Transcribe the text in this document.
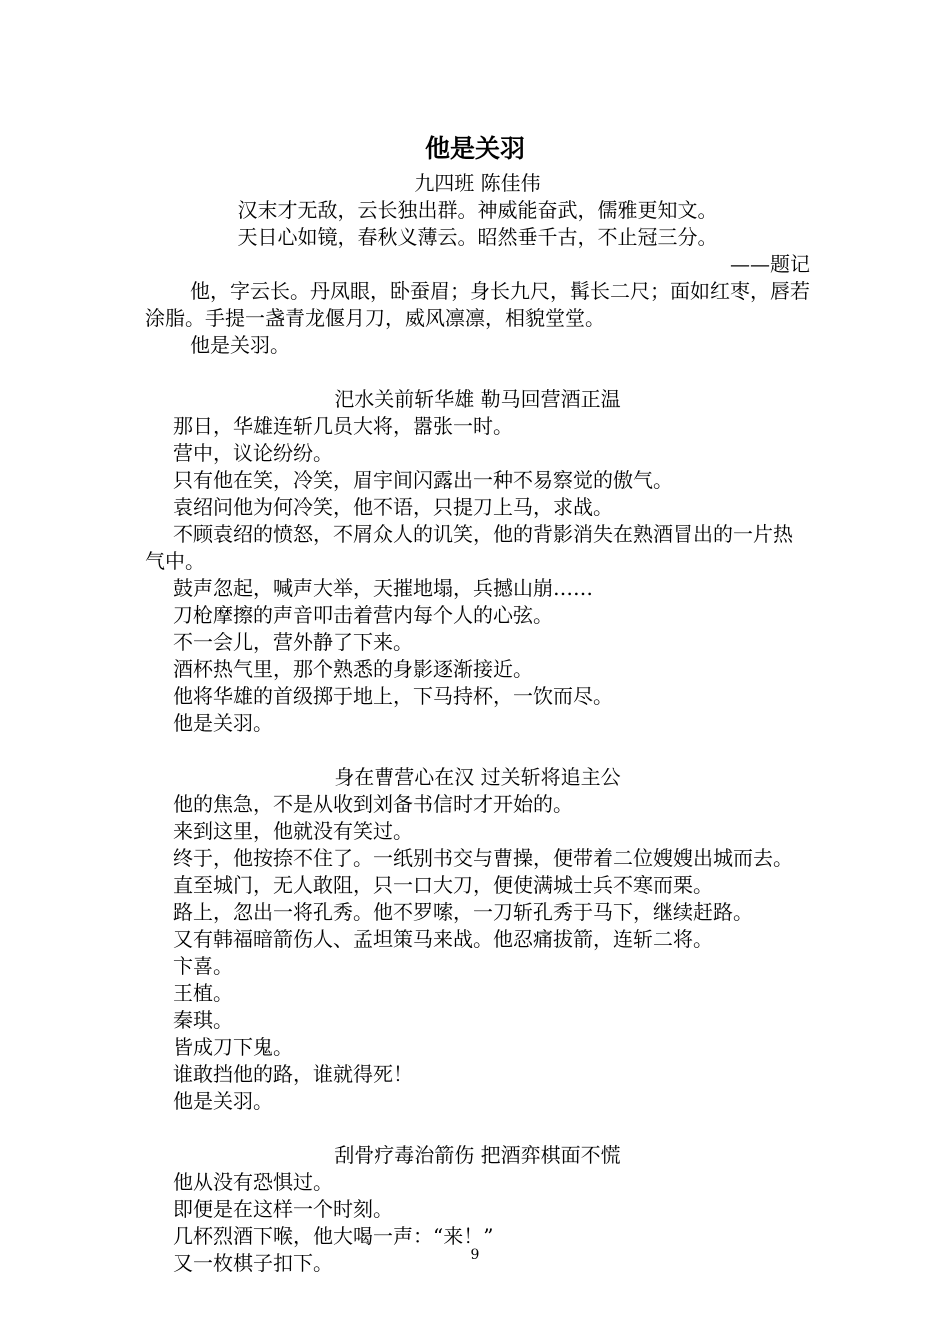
他是关羽

九四班 陈佳伟

汉末才无敌，云长独出群。神威能奋武，儒雅更知文。

天日心如镜，春秋义薄云。昭然垂千古，不止冠三分。

——题记

他，字云长。丹凤眼，卧蚕眉；身长九尺，髯长二尺；面如红枣，唇若涂脂。手提一盏青龙偃月刀，威风凛凛，相貌堂堂。

他是关羽。

汜水关前斩华雄 勒马回营酒正温

那日，华雄连斩几员大将，嚣张一时。

营中，议论纷纷。

只有他在笑，冷笑，眉宇间闪露出一种不易察觉的傲气。

袁绍问他为何冷笑，他不语，只提刀上马，求战。

不顾袁绍的愤怒，不屑众人的讥笑，他的背影消失在熟酒冒出的一片热气中。

鼓声忽起，喊声大举，天摧地塌，兵撼山崩……

刀枪摩擦的声音叩击着营内每个人的心弦。

不一会儿，营外静了下来。

酒杯热气里，那个熟悉的身影逐渐接近。

他将华雄的首级掷于地上，下马持杯，一饮而尽。

他是关羽。

身在曹营心在汉 过关斩将追主公

他的焦急，不是从收到刘备书信时才开始的。

来到这里，他就没有笑过。

终于，他按捺不住了。一纸别书交与曹操，便带着二位嫂嫂出城而去。

直至城门，无人敢阻，只一口大刀，便使满城士兵不寒而栗。

路上，忽出一将孔秀。他不罗嗦，一刀斩孔秀于马下，继续赶路。

又有韩福暗箭伤人、孟坦策马来战。他忍痛拔箭，连斩二将。

卞喜。

王植。

秦琪。

皆成刀下鬼。

谁敢挡他的路，谁就得死！

他是关羽。

刮骨疗毒治箭伤 把酒弈棋面不慌

他从没有恐惧过。

即便是在这样一个时刻。

几杯烈酒下喉，他大喝一声：“来！”

又一枚棋子扣下。	9
